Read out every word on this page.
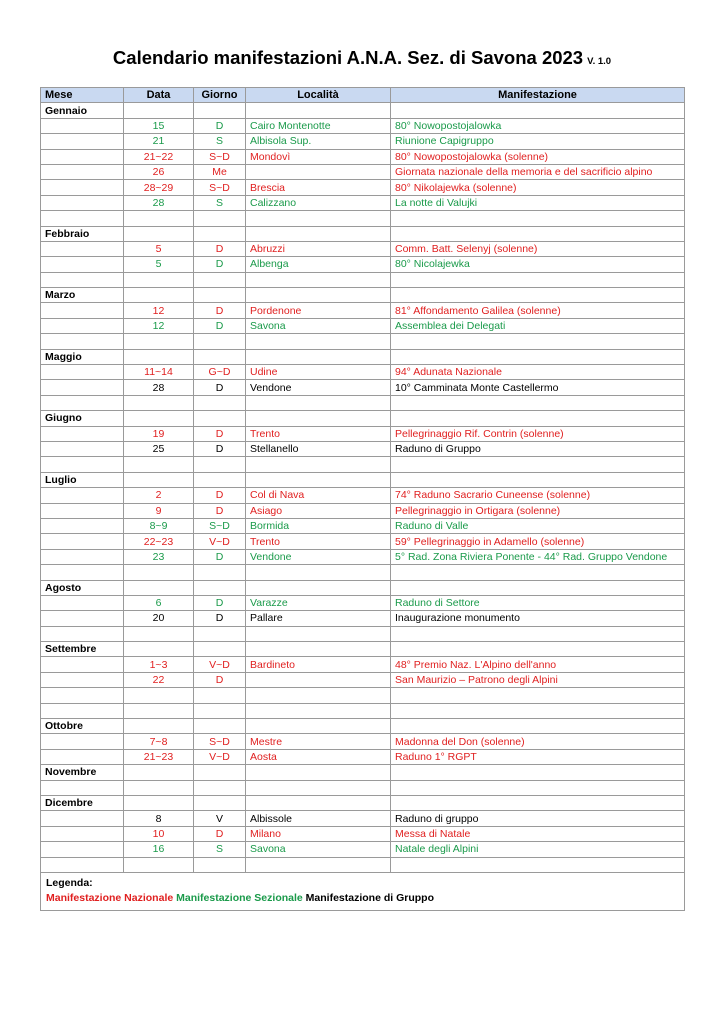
Calendario manifestazioni A.N.A. Sez. di Savona 2023 V. 1.0
Mese	Data	Giorno	Località	Manifestazione
Gennaio				
	15	D	Cairo Montenotte	80° Nowopostojalowka
	21	S	Albisola Sup.	Riunione Capigruppo
	21~22	S~D	Mondovì	80° Nowopostojalowka (solenne)
	26	Me		Giornata nazionale della memoria e del sacrificio alpino
	28~29	S~D	Brescia	80° Nikolajewka (solenne)
	28	S	Calizzano	La notte di Valujki

Febbraio				
	5	D	Abruzzi	Comm. Batt. Selenyj (solenne)
	5	D	Albenga	80° Nicolajewka

Marzo				
	12	D	Pordenone	81° Affondamento Galilea (solenne)
	12	D	Savona	Assemblea dei Delegati

Maggio				
	11~14	G~D	Udine	94° Adunata Nazionale
	28	D	Vendone	10° Camminata Monte Castellermo

Giugno				
	19	D	Trento	Pellegrinaggio Rif. Contrin (solenne)
	25	D	Stellanello	Raduno di Gruppo

Luglio				
	2	D	Col di Nava	74° Raduno Sacrario Cuneense (solenne)
	9	D	Asiago	Pellegrinaggio in Ortigara (solenne)
	8~9	S~D	Bormida	Raduno di Valle
	22~23	V~D	Trento	59° Pellegrinaggio in Adamello (solenne)
	23	D	Vendone	5° Rad. Zona Riviera Ponente - 44° Rad. Gruppo Vendone

Agosto				
	6	D	Varazze	Raduno di Settore
	20	D	Pallare	Inaugurazione monumento

Settembre				
	1~3	V~D	Bardineto	48° Premio Naz. L'Alpino dell'anno
	22	D		San Maurizio – Patrono degli Alpini

Ottobre				
	7~8	S~D	Mestre	Madonna del Don (solenne)
	21~23	V~D	Aosta	Raduno 1° RGPT
Novembre				

Dicembre				
	8	V	Albissole	Raduno di gruppo
	10	D	Milano	Messa di Natale
	16	S	Savona	Natale degli Alpini

Legenda:
Manifestazione Nazionale Manifestazione Sezionale Manifestazione di Gruppo				
